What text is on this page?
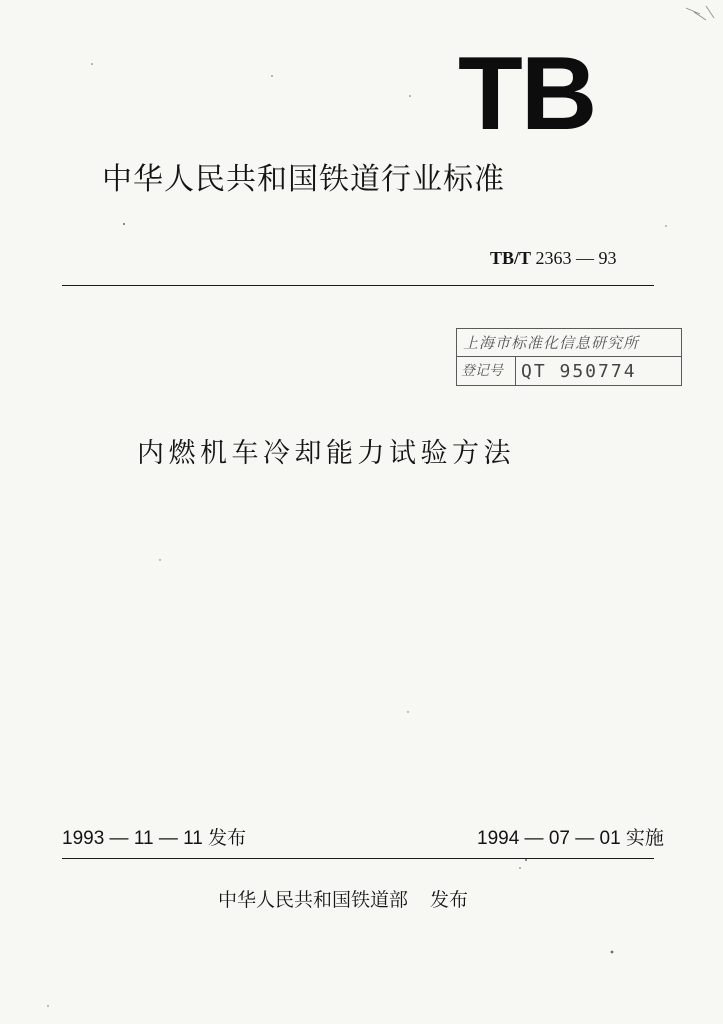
TB
中华人民共和国铁道行业标准
TB/T 2363 — 93
上海市标准化信息研究所
登记号	QT 950774
内燃机车冷却能力试验方法
1993 — 11 — 11 发布	1994 — 07 — 01 实施
中华人民共和国铁道部 发布
